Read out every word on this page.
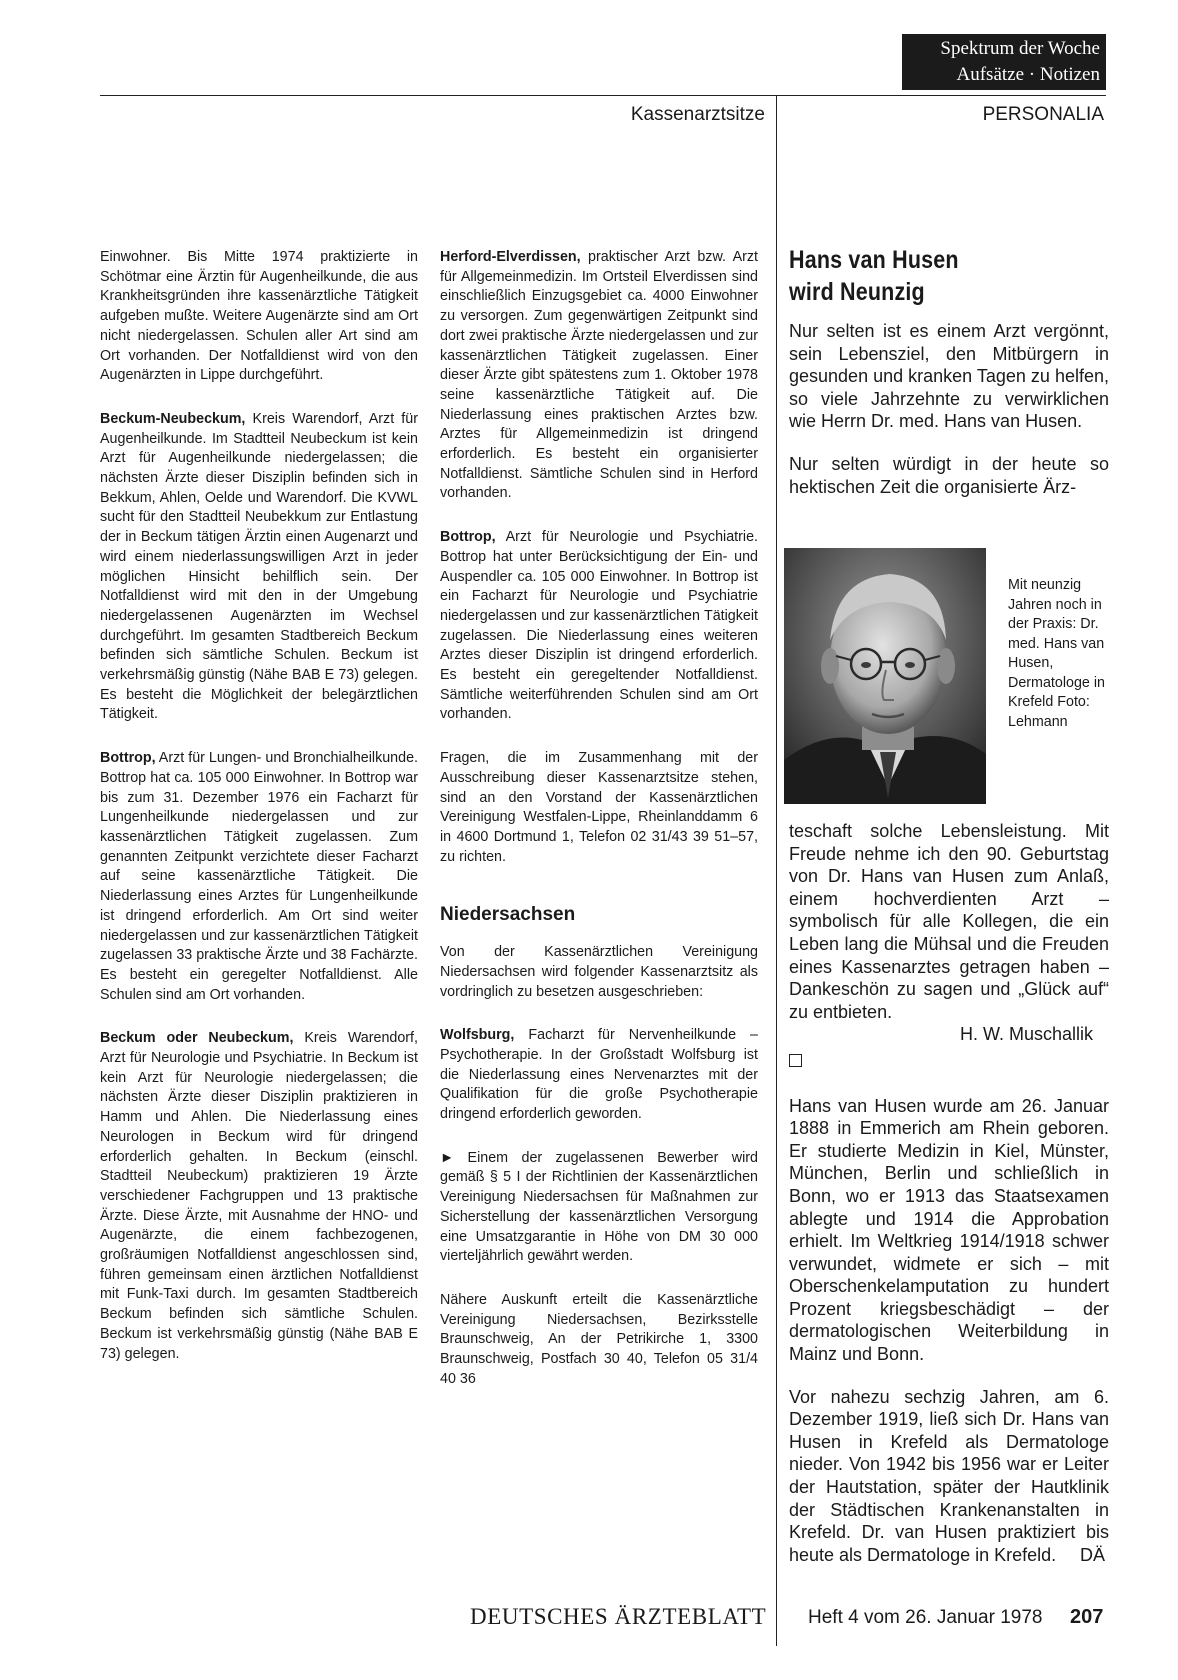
Spektrum der Woche
Aufsätze · Notizen
Kassenarztsitze	PERSONALIA

Einwohner. Bis Mitte 1974 praktizierte in Schötmar eine Ärztin für Augenheilkunde, die aus Krankheitsgründen ihre kassenärztliche Tätigkeit aufgeben mußte. Weitere Augenärzte sind am Ort nicht niedergelassen. Schulen aller Art sind am Ort vorhanden. Der Notfalldienst wird von den Augenärzten in Lippe durchgeführt.

Beckum-Neubeckum, Kreis Warendorf, Arzt für Augenheilkunde. Im Stadtteil Neubeckum ist kein Arzt für Augenheilkunde niedergelassen; die nächsten Ärzte dieser Disziplin befinden sich in Bekkum, Ahlen, Oelde und Warendorf. Die KVWL sucht für den Stadtteil Neubekkum zur Entlastung der in Beckum tätigen Ärztin einen Augenarzt und wird einem niederlassungswilligen Arzt in jeder möglichen Hinsicht behilflich sein. Der Notfalldienst wird mit den in der Umgebung niedergelassenen Augenärzten im Wechsel durchgeführt. Im gesamten Stadtbereich Beckum befinden sich sämtliche Schulen. Beckum ist verkehrsmäßig günstig (Nähe BAB E 73) gelegen. Es besteht die Möglichkeit der belegärztlichen Tätigkeit.

Bottrop, Arzt für Lungen- und Bronchialheilkunde. Bottrop hat ca. 105 000 Einwohner. In Bottrop war bis zum 31. Dezember 1976 ein Facharzt für Lungenheilkunde niedergelassen und zur kassenärztlichen Tätigkeit zugelassen. Zum genannten Zeitpunkt verzichtete dieser Facharzt auf seine kassenärztliche Tätigkeit. Die Niederlassung eines Arztes für Lungenheilkunde ist dringend erforderlich. Am Ort sind weiter niedergelassen und zur kassenärztlichen Tätigkeit zugelassen 33 praktische Ärzte und 38 Fachärzte. Es besteht ein geregelter Notfalldienst. Alle Schulen sind am Ort vorhanden.

Beckum oder Neubeckum, Kreis Warendorf, Arzt für Neurologie und Psychiatrie. In Beckum ist kein Arzt für Neurologie niedergelassen; die nächsten Ärzte dieser Disziplin praktizieren in Hamm und Ahlen. Die Niederlassung eines Neurologen in Beckum wird für dringend erforderlich gehalten. In Beckum (einschl. Stadtteil Neubeckum) praktizieren 19 Ärzte verschiedener Fachgruppen und 13 praktische Ärzte. Diese Ärzte, mit Ausnahme der HNO- und Augenärzte, die einem fachbezogenen, großräumigen Notfalldienst angeschlossen sind, führen gemeinsam einen ärztlichen Notfalldienst mit Funk-Taxi durch. Im gesamten Stadtbereich Beckum befinden sich sämtliche Schulen. Beckum ist verkehrsmäßig günstig (Nähe BAB E 73) gelegen.

Herford-Elverdissen, praktischer Arzt bzw. Arzt für Allgemeinmedizin. Im Ortsteil Elverdissen sind einschließlich Einzugsgebiet ca. 4000 Einwohner zu versorgen. Zum gegenwärtigen Zeitpunkt sind dort zwei praktische Ärzte niedergelassen und zur kassenärztlichen Tätigkeit zugelassen. Einer dieser Ärzte gibt spätestens zum 1. Oktober 1978 seine kassenärztliche Tätigkeit auf. Die Niederlassung eines praktischen Arztes bzw. Arztes für Allgemeinmedizin ist dringend erforderlich. Es besteht ein organisierter Notfalldienst. Sämtliche Schulen sind in Herford vorhanden.

Bottrop, Arzt für Neurologie und Psychiatrie. Bottrop hat unter Berücksichtigung der Ein- und Auspendler ca. 105 000 Einwohner. In Bottrop ist ein Facharzt für Neurologie und Psychiatrie niedergelassen und zur kassenärztlichen Tätigkeit zugelassen. Die Niederlassung eines weiteren Arztes dieser Disziplin ist dringend erforderlich. Es besteht ein geregeltender Notfalldienst. Sämtliche weiterführenden Schulen sind am Ort vorhanden.

Fragen, die im Zusammenhang mit der Ausschreibung dieser Kassenarztsitze stehen, sind an den Vorstand der Kassenärztlichen Vereinigung Westfalen-Lippe, Rheinlanddamm 6 in 4600 Dortmund 1, Telefon 02 31/43 39 51–57, zu richten.

Niedersachsen

Von der Kassenärztlichen Vereinigung Niedersachsen wird folgender Kassenarztsitz als vordringlich zu besetzen ausgeschrieben:

Wolfsburg, Facharzt für Nervenheilkunde – Psychotherapie. In der Großstadt Wolfsburg ist die Niederlassung eines Nervenarztes mit der Qualifikation für die große Psychotherapie dringend erforderlich geworden.

► Einem der zugelassenen Bewerber wird gemäß § 5 I der Richtlinien der Kassenärztlichen Vereinigung Niedersachsen für Maßnahmen zur Sicherstellung der kassenärztlichen Versorgung eine Umsatzgarantie in Höhe von DM 30 000 vierteljährlich gewährt werden.

Nähere Auskunft erteilt die Kassenärztliche Vereinigung Niedersachsen, Bezirksstelle Braunschweig, An der Petrikirche 1, 3300 Braunschweig, Postfach 30 40, Telefon 05 31/4 40 36

Hans van Husen
wird Neunzig

Nur selten ist es einem Arzt vergönnt, sein Lebensziel, den Mitbürgern in gesunden und kranken Tagen zu helfen, so viele Jahrzehnte zu verwirklichen wie Herrn Dr. med. Hans van Husen.

Nur selten würdigt in der heute so hektischen Zeit die organisierte Ärz-

Mit neunzig Jahren noch in der Praxis: Dr. med. Hans van Husen, Dermatologe in Krefeld Foto: Lehmann

teschaft solche Lebensleistung. Mit Freude nehme ich den 90. Geburtstag von Dr. Hans van Husen zum Anlaß, einem hochverdienten Arzt – symbolisch für alle Kollegen, die ein Leben lang die Mühsal und die Freuden eines Kassenarztes getragen haben – Dankeschön zu sagen und „Glück auf“ zu entbieten.

H. W. Muschallik

Hans van Husen wurde am 26. Januar 1888 in Emmerich am Rhein geboren. Er studierte Medizin in Kiel, Münster, München, Berlin und schließlich in Bonn, wo er 1913 das Staatsexamen ablegte und 1914 die Approbation erhielt. Im Weltkrieg 1914/1918 schwer verwundet, widmete er sich – mit Oberschenkelamputation zu hundert Prozent kriegsbeschädigt – der dermatologischen Weiterbildung in Mainz und Bonn.

Vor nahezu sechzig Jahren, am 6. Dezember 1919, ließ sich Dr. Hans van Husen in Krefeld als Dermatologe nieder. Von 1942 bis 1956 war er Leiter der Hautstation, später der Hautklinik der Städtischen Krankenanstalten in Krefeld. Dr. van Husen praktiziert bis heute als Dermatologe in Krefeld.	DÄ
DEUTSCHES ÄRZTEBLATT Heft 4 vom 26. Januar 1978 207
